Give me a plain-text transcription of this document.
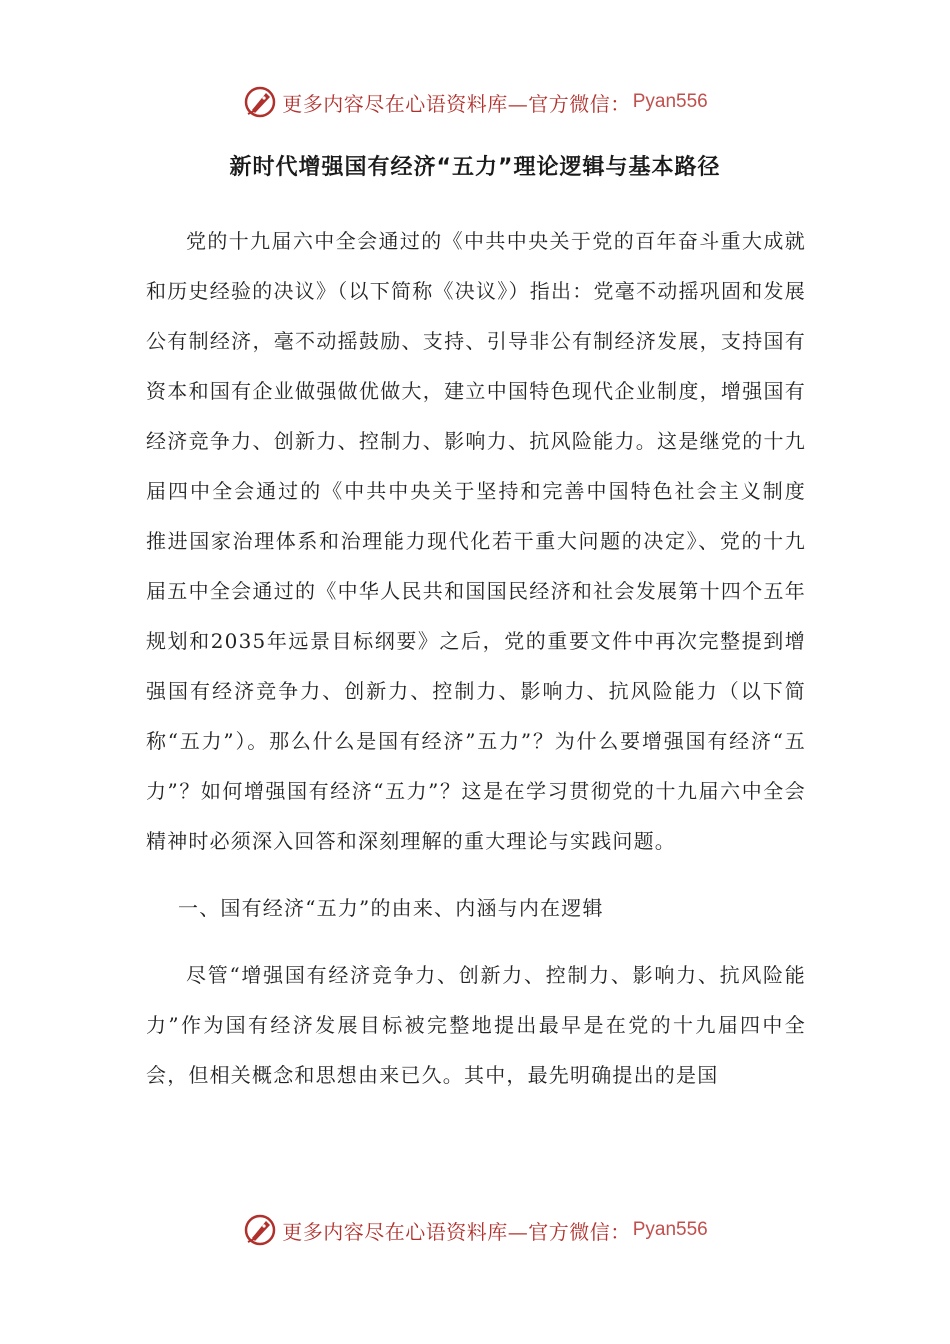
更多内容尽在心语资料库—官方微信： Pyan556
新时代增强国有经济“五力”理论逻辑与基本路径

党的十九届六中全会通过的《中共中央关于党的百年奋斗重大成就和历史经验的决议》（以下简称《决议》）指出：党毫不动摇巩固和发展公有制经济，毫不动摇鼓励、支持、引导非公有制经济发展，支持国有资本和国有企业做强做优做大，建立中国特色现代企业制度，增强国有经济竞争力、创新力、控制力、影响力、抗风险能力。这是继党的十九届四中全会通过的《中共中央关于坚持和完善中国特色社会主义制度　推进国家治理体系和治理能力现代化若干重大问题的决定》、党的十九届五中全会通过的《中华人民共和国国民经济和社会发展第十四个五年规划和2035年远景目标纲要》之后，党的重要文件中再次完整提到增强国有经济竞争力、创新力、控制力、影响力、抗风险能力（以下简称“五力”）。那么什么是国有经济”五力”？为什么要增强国有经济“五力”？如何增强国有经济“五力”？这是在学习贯彻党的十九届六中全会精神时必须深入回答和深刻理解的重大理论与实践问题。

一、国有经济“五力”的由来、内涵与内在逻辑

尽管“增强国有经济竞争力、创新力、控制力、影响力、抗风险能力”作为国有经济发展目标被完整地提出最早是在党的十九届四中全会，但相关概念和思想由来已久。其中，最先明确提出的是国

更多内容尽在心语资料库—官方微信： Pyan556
